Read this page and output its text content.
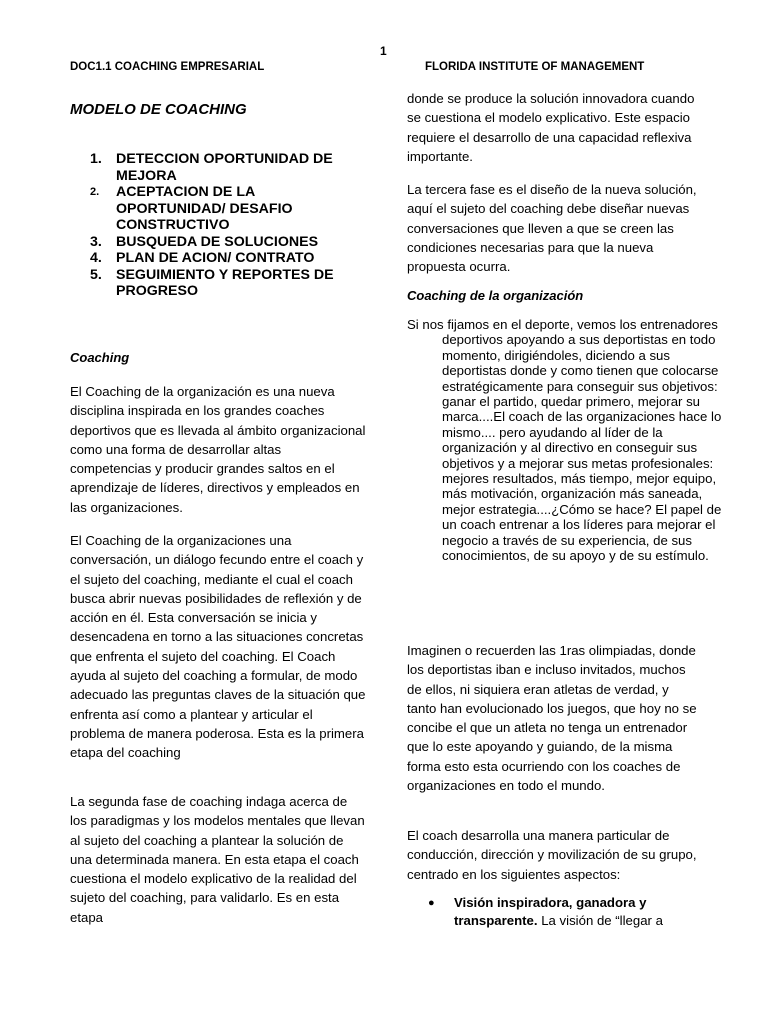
1
DOC1.1 COACHING EMPRESARIAL	FLORIDA INSTITUTE OF MANAGEMENT
MODELO DE COACHING
1. DETECCION OPORTUNIDAD DE MEJORA
2.	ACEPTACION DE LA OPORTUNIDAD/ DESAFIO CONSTRUCTIVO
3. BUSQUEDA DE SOLUCIONES
4. PLAN DE ACION/ CONTRATO
5. SEGUIMIENTO Y REPORTES DE PROGRESO
Coaching

El Coaching de la organización es una nueva disciplina inspirada en los grandes coaches deportivos que es llevada al ámbito organizacional como una forma de desarrollar altas competencias y producir grandes saltos en el aprendizaje de líderes, directivos y empleados en las organizaciones.

El Coaching de la organizaciones una conversación, un diálogo fecundo entre el coach y el sujeto del coaching, mediante el cual el coach busca abrir nuevas posibilidades de reflexión y de acción en él. Esta conversación se inicia y desencadena en torno a las situaciones concretas que enfrenta el sujeto del coaching. El Coach ayuda al sujeto del coaching a formular, de modo adecuado las preguntas claves de la situación que enfrenta así como a plantear y articular el problema de manera poderosa. Esta es la primera etapa del coaching

La segunda fase de coaching indaga acerca de los paradigmas y los modelos mentales que llevan al sujeto del coaching a plantear la solución de una determinada manera. En esta etapa el coach cuestiona el modelo explicativo de la realidad del sujeto del coaching, para validarlo. Es en esta etapa

donde se produce la solución innovadora cuando se cuestiona el modelo explicativo. Este espacio requiere el desarrollo de una capacidad reflexiva importante.

La tercera fase es el diseño de la nueva solución, aquí el sujeto del coaching debe diseñar nuevas conversaciones que lleven a que se creen las condiciones necesarias para que la nueva propuesta ocurra.

Coaching de la organización

Si nos fijamos en el deporte, vemos los entrenadores deportivos apoyando a sus deportistas en todo momento, dirigiéndoles, diciendo a sus deportistas donde y como tienen que colocarse estratégicamente para conseguir sus objetivos: ganar el partido, quedar primero, mejorar su marca....El coach de las organizaciones hace lo mismo.... pero ayudando al líder de la organización y al directivo en conseguir sus objetivos y a mejorar sus metas profesionales: mejores resultados, más tiempo, mejor equipo, más motivación, organización más saneada, mejor estrategia....¿Cómo se hace? El papel de un coach entrenar a los líderes para mejorar el negocio a través de su experiencia, de sus conocimientos, de su apoyo y de su estímulo.

Imaginen o recuerden las 1ras olimpiadas, donde los deportistas iban e incluso invitados, muchos de ellos, ni siquiera eran atletas de verdad, y tanto han evolucionado los juegos, que hoy no se concibe el que un atleta no tenga un entrenador que lo este apoyando y guiando, de la misma forma esto esta ocurriendo con los coaches de organizaciones en todo el mundo.

El coach desarrolla una manera particular de conducción, dirección y movilización de su grupo, centrado en los siguientes aspectos:

●	Visión inspiradora, ganadora y transparente. La visión de “llegar a
